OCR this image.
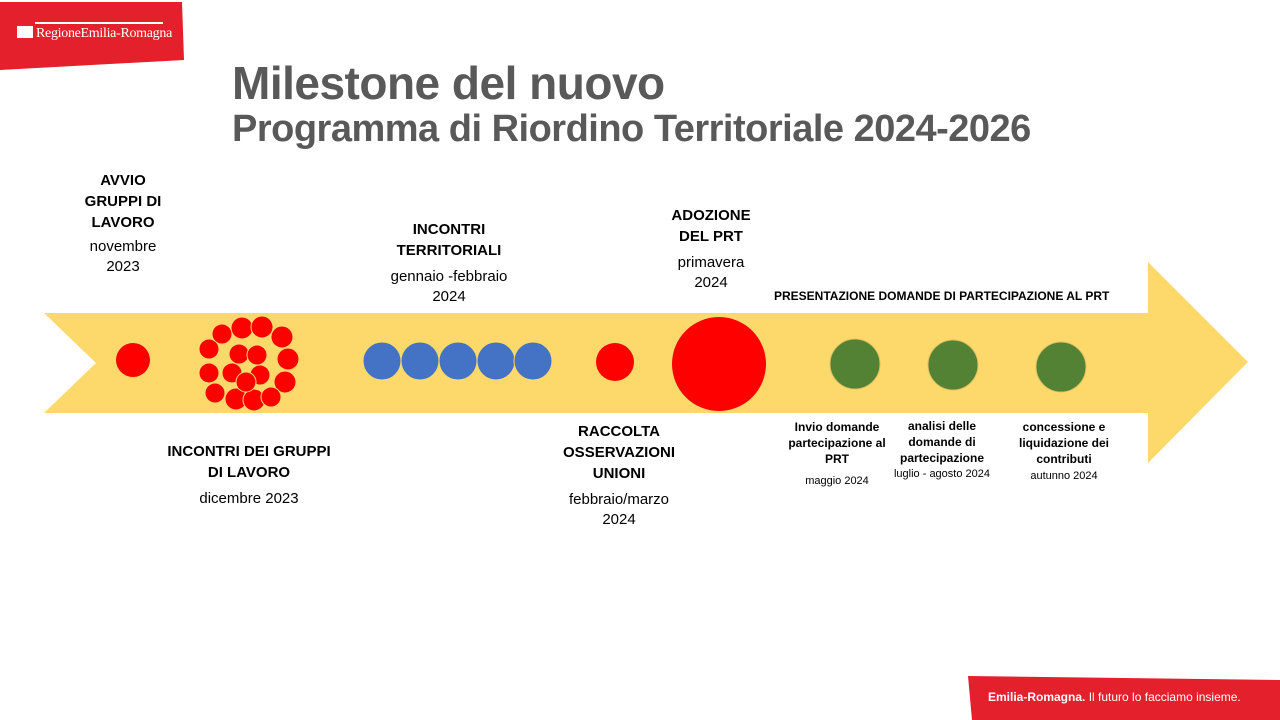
RegioneEmilia-Romagna
Emilia-Romagna. Il futuro lo facciamo insieme.
Milestone del nuovo
Programma di Riordino Territoriale 2024-2026
AVVIO GRUPPI DI LAVORO
novembre 2023
INCONTRI DEI GRUPPI DI LAVORO
dicembre 2023
INCONTRI TERRITORIALI
gennaio -febbraio 2024
RACCOLTA OSSERVAZIONI UNIONI
febbraio/marzo 2024
ADOZIONE DEL PRT
primavera 2024
PRESENTAZIONE DOMANDE DI PARTECIPAZIONE AL PRT
Invio domande partecipazione al PRT
maggio 2024
analisi delle domande di partecipazione
luglio - agosto 2024
concessione e liquidazione dei contributi
autunno 2024
